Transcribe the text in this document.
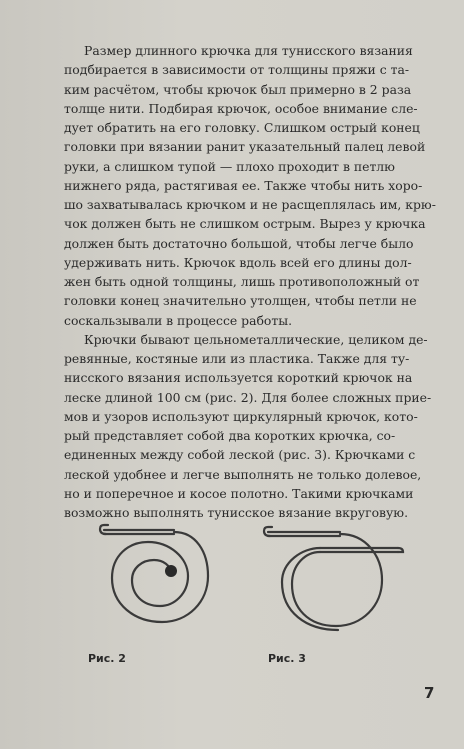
Размер длинного крючка для тунисского вязания
подбирается в зависимости от толщины пряжи с та-
ким расчётом, чтобы крючок был примерно в 2 раза
толще нити. Подбирая крючок, особое внимание сле-
дует обратить на его головку. Слишком острый конец
головки при вязании ранит указательный палец левой
руки, а слишком тупой — плохо проходит в петлю
нижнего ряда, растягивая ее. Также чтобы нить хоро-
шо захватывалась крючком и не расщеплялась им, крю-
чок должен быть не слишком острым. Вырез у крючка
должен быть достаточно большой, чтобы легче было
удерживать нить. Крючок вдоль всей его длины дол-
жен быть одной толщины, лишь противоположный от
головки конец значительно утолщен, чтобы петли не
соскальзывали в процессе работы.
Крючки бывают цельнометаллические, целиком де-
ревянные, костяные или из пластика. Также для ту-
нисского вязания используется короткий крючок на
леске длиной 100 см (рис. 2). Для более сложных прие-
мов и узоров используют циркулярный крючок, кото-
рый представляет собой два коротких крючка, со-
единенных между собой леской (рис. 3). Крючками с
леской удобнее и легче выполнять не только долевое,
но и поперечное и косое полотно. Такими крючками
возможно выполнять тунисское вязание вкруговую.
Рис. 2	Рис. 3
7
